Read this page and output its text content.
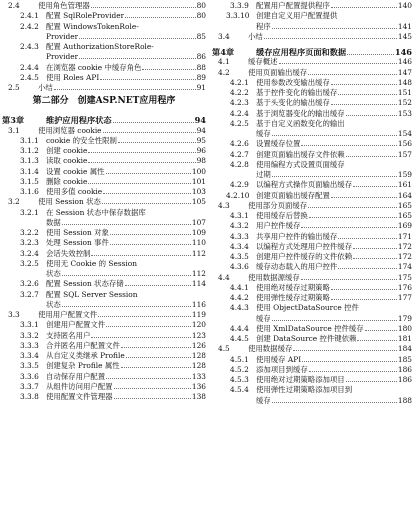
2.4	使用角色管理器	80
2.4.1 配置 SqlRoleProvider	80
2.4.2 配置 WindowsTokenRole-
Provider	85
2.4.3 配置 AuthorizationStoreRole-
Provider	86
2.4.4 在浏览器 cookie 中缓存角色	88
2.4.5 使用 Roles API	89
2.5	小结	91
第二部分　创建ASP.NET应用程序
第3章	维护应用程序状态	94
3.1	使用浏览器 cookie	94
3.1.1 cookie 的安全性限制	95
3.1.2 创建 cookie	96
3.1.3 读取 cookie	98
3.1.4 设置 cookie 属性	100
3.1.5 删除 cookie	101
3.1.6 使用多值 cookie	103
3.2	使用 Session 状态	105
3.2.1 在 Session 状态中保存数据库
数据	107
3.2.2 使用 Session 对象	109
3.2.3 处理 Session 事件	110
3.2.4 会话失效控制	112
3.2.5 使用无 Cookie 的 Session
状态	112
3.2.6 配置 Session 状态存储	114
3.2.7 配置 SQL Server Session
状态	116
3.3	使用用户配置文件	119
3.3.1 创建用户配置文件	120
3.3.2 支持匿名用户	123
3.3.3 合并匿名用户配置文件	126
3.3.4 从自定义类继承 Profile	128
3.3.5 创建复杂 Profile 属性	128
3.3.6 自动保存用户配置	133
3.3.7 从组件访问用户配置	136
3.3.8 使用配置文件管理器	138
3.3.9 配置用户配置提供程序	140
3.3.10 创建自定义用户配置提供
程序	141
3.4	小结	145
第4章	缓存应用程序页面和数据	146
4.1	缓存概述	146
4.2	使用页面输出缓存	147
4.2.1 使用参数改变输出缓存	148
4.2.2 基于控件变化的输出缓存	151
4.2.3 基于头变化的输出缓存	152
4.2.4 基于浏览器变化的输出缓存	153
4.2.5 基于自定义函数变化的输出
缓存	154
4.2.6 设置缓存位置	156
4.2.7 创建页面输出缓存文件依赖	157
4.2.8 使用编程方式设置页面缓存
过期	159
4.2.9 以编程方式操作页面输出缓存	161
4.2.10 创建页面输出缓存配置	164
4.3	使用部分页面缓存	165
4.3.1 使用缓存后替换	165
4.3.2 用户控件缓存	169
4.3.3 共享用户控件的输出缓存	171
4.3.4 以编程方式处理用户控件缓存	172
4.3.5 创建用户控件缓存的文件依赖	172
4.3.6 缓存动态载入的用户控件	174
4.4	使用数据源缓存	175
4.4.1 使用绝对缓存过期策略	176
4.4.2 使用弹性缓存过期策略	177
4.4.3 使用 ObjectDataSource 控件
缓存	179
4.4.4 使用 XmlDataSource 控件缓存	180
4.4.5 创建 DataSource 控件键依赖	181
4.5	使用数据缓存	184
4.5.1 使用缓存 API	185
4.5.2 添加项目到缓存	186
4.5.3 使用绝对过期策略添加项目	186
4.5.4 使用弹性过期策略添加项目到
缓存	188
